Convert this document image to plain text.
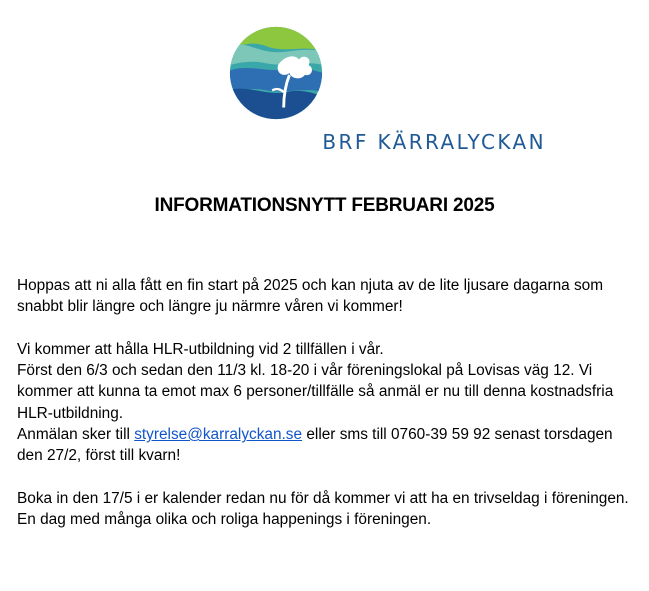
BRF KÄRRALYCKAN
INFORMATIONSNYTT FEBRUARI 2025

Hoppas att ni alla fått en fin start på 2025 och kan njuta av de lite ljusare dagarna som snabbt blir längre och längre ju närmre våren vi kommer!

Vi kommer att hålla HLR-utbildning vid 2 tillfällen i vår.

Först den 6/3 och sedan den 11/3 kl. 18-20 i vår föreningslokal på Lovisas väg 12. Vi kommer att kunna ta emot max 6 personer/tillfälle så anmäl er nu till denna kostnadsfria HLR-utbildning.

Anmälan sker till styrelse@karralyckan.se eller sms till 0760-39 59 92 senast torsdagen den 27/2, först till kvarn!

Boka in den 17/5 i er kalender redan nu för då kommer vi att ha en trivseldag i föreningen. En dag med många olika och roliga happenings i föreningen.
